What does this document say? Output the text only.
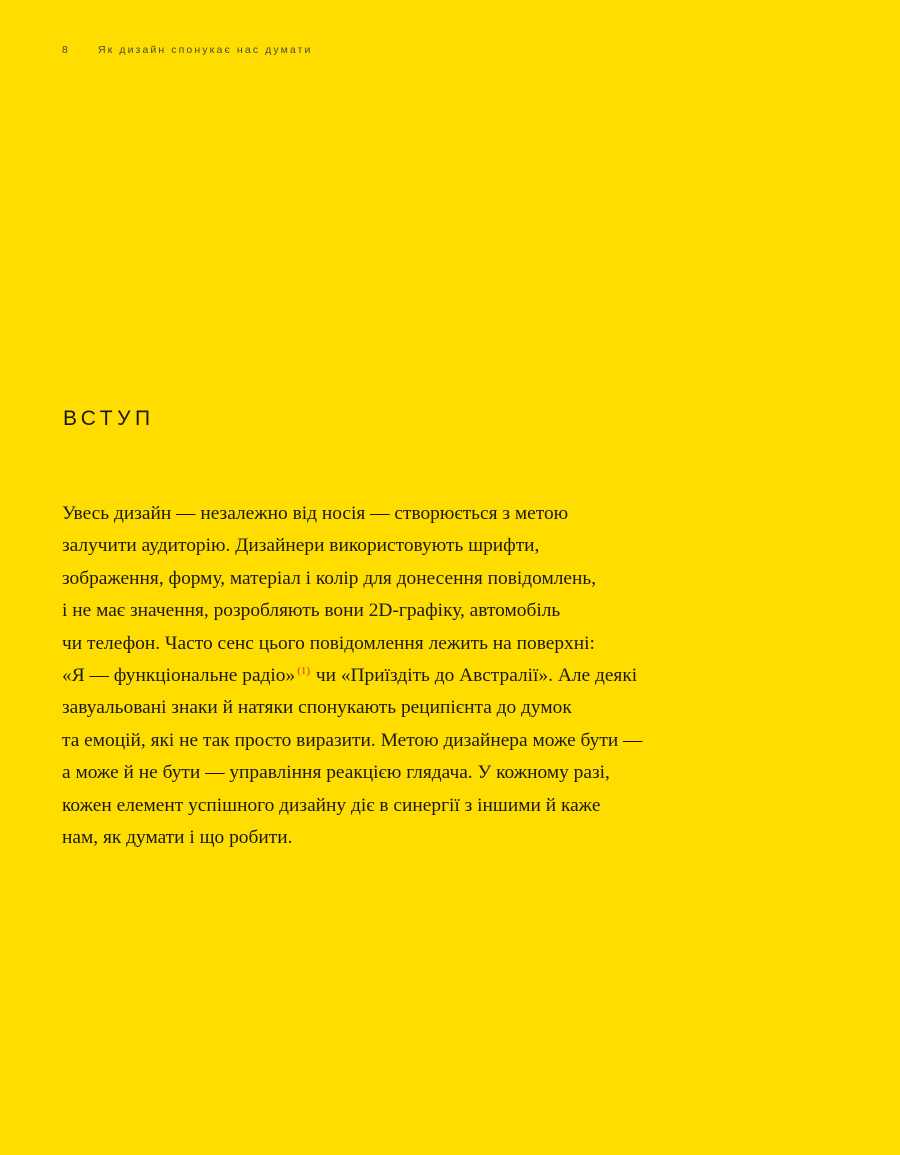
8	Як дизайн спонукає нас думати
ВСТУП

Увесь дизайн — незалежно від носія — створюється з метою
залучити аудиторію. Дизайнери використовують шрифти,
зображення, форму, матеріал і колір для донесення повідомлень,
і не має значення, розробляють вони 2D-графіку, автомобіль
чи телефон. Часто сенс цього повідомлення лежить на поверхні:
«Я — функціональне радіо» $^{(1)}$ чи «Приїздіть до Австралії». Але деякі
завуальовані знаки й натяки спонукають реципієнта до думок
та емоцій, які не так просто виразити. Метою дизайнера може бути —
а може й не бути — управління реакцією глядача. У кожному разі,
кожен елемент успішного дизайну діє в синергії з іншими й каже
нам, як думати і що робити.
